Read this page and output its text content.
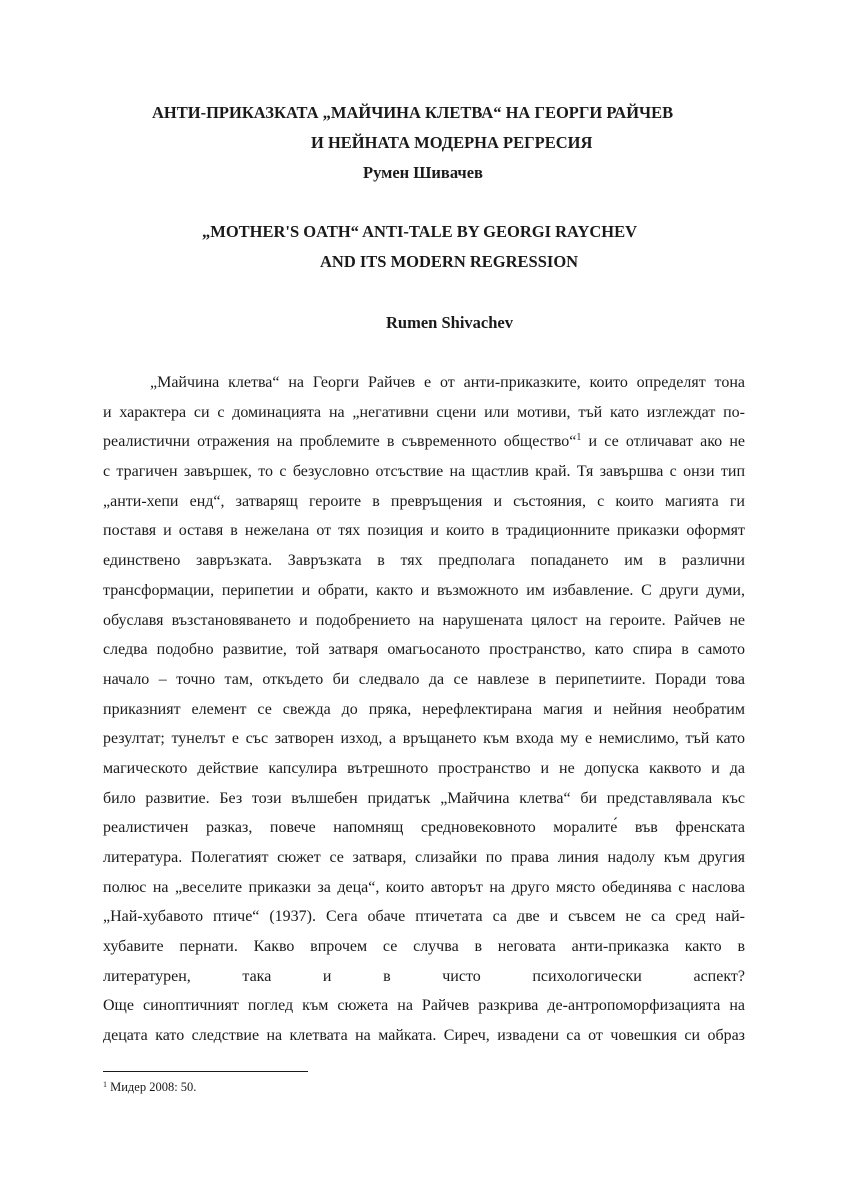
АНТИ-ПРИКАЗКАТА „МАЙЧИНА КЛЕТВА“ НА ГЕОРГИ РАЙЧЕВ
И НЕЙНАТА МОДЕРНА РЕГРЕСИЯ
Румен Шивачев
„MOTHER'S OATH“ ANTI-TALE BY GEORGI RAYCHEV
AND ITS MODERN REGRESSION
Rumen Shivachev
„Майчина клетва“ на Георги Райчев е от анти-приказките, които определят тона
и характера си с доминацията на „негативни сцени или мотиви, тъй като изглеждат по-
реалистични отражения на проблемите в съвременното общество“$^1$ и се отличават ако не
с трагичен завършек, то с безусловно отсъствие на щастлив край. Тя завършва с онзи тип
„анти-хепи енд“, затварящ героите в превръщения и състояния, с които магията ги
поставя и оставя в нежелана от тях позиция и които в традиционните приказки оформят
единствено завръзката. Завръзката в тях предполага попадането им в различни
трансформации, перипетии и обрати, както и възможното им избавление. С други думи,
обуславя възстановяването и подобрението на нарушената цялост на героите. Райчев не
следва подобно развитие, той затваря омагьосаното пространство, като спира в самото
начало – точно там, откъдето би следвало да се навлезе в перипетиите. Поради това
приказният елемент се свежда до пряка, нерефлектирана магия и нейния необратим
резултат; тунелът е със затворен изход, а връщането към входа му е немислимо, тъй като
магическото действие капсулира вътрешното пространство и не допуска каквото и да
било развитие. Без този вълшебен придатък „Майчина клетва“ би представлявала къс
реалистичен разказ, повече напомнящ средновековното моралите́ във френската
литература. Полегатият сюжет се затваря, слизайки по права линия надолу към другия
полюс на „веселите приказки за деца“, които авторът на друго място обединява с наслова
„Най-хубавото птиче“ (1937). Сега обаче птичетата са две и съвсем не са сред най-
хубавите пернати. Какво впрочем се случва в неговата анти-приказка както в
литературен, така и в чисто психологически аспект?
Още синоптичният поглед към сюжета на Райчев разкрива де-антропоморфизацията на
децата като следствие на клетвата на майката. Сиреч, извадени са от човешкия си образ
$^1$ Мидер 2008: 50.
